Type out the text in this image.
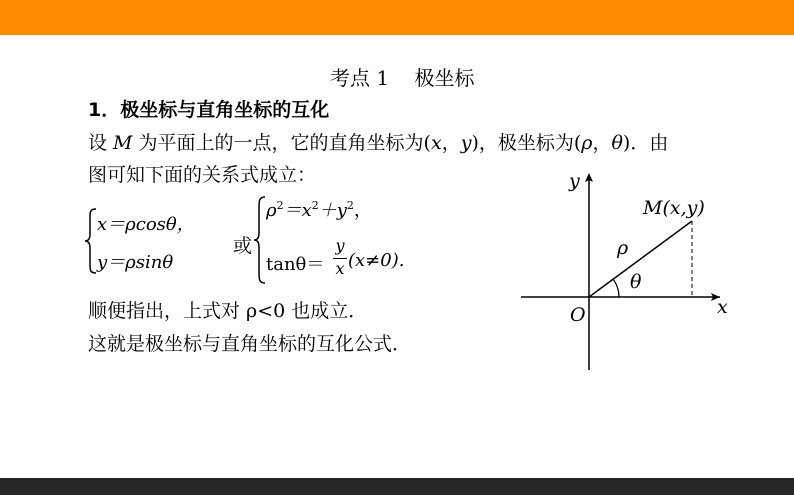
考点 1    极坐标
1．极坐标与直角坐标的互化
设 M 为平面上的一点，它的直角坐标为(x，y)，极坐标为(ρ，θ)．由
图可知下面的关系式成立：
x＝ρcosθ，
y＝ρsinθ
或
$\rho^2=x^2+y^2$，
tanθ＝
y
x (x≠0).
顺便指出，上式对 ρ<0 也成立．
这就是极坐标与直角坐标的互化公式．
y
x
O
M(x,y)
ρ
θ
